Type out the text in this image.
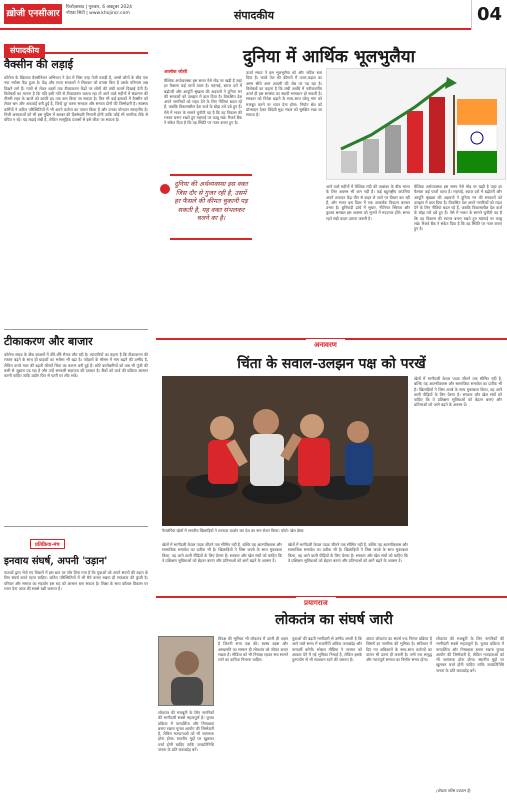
ख़ोजी एनसीआर
फ़िरोज़ाबाद | गुरुवार, 6 अक्टूबर 2024
नोएडा सिटी | www.khojincr.com	संपादकीय	04
संपादकीय
वैक्सीन की लड़ाई
कोरोना के खिलाफ वैक्सीनेशन अभियान ने देश में जिस तरह तेजी पकड़ी है, उससे लोगों के बीच एक नया भरोसा पैदा हुआ है। केंद्र और राज्य सरकारों ने मिलकर जो प्रयास किए हैं उसके परिणाम अब दिखने लगे हैं। गांवों से लेकर शहरों तक टीकाकरण केंद्रों पर लोगों की लंबी कतारें दिखाई देती हैं। विशेषज्ञों का मानना है कि यदि इसी गति से टीकाकरण चलता रहा तो आने वाले महीनों में संक्रमण की तीसरी लहर के खतरे को काफी हद तक कम किया जा सकता है। फिर भी कई इलाकों में वैक्सीन को लेकर भ्रम और अफवाहें बनी हुई हैं, जिन्हें दूर करना सरकार और समाज दोनों की जिम्मेदारी है। स्वास्थ्य कर्मियों ने कठिन परिस्थितियों में भी अपने कर्तव्य का पालन किया है और उनका योगदान सराहनीय है। निजी अस्पतालों को भी इस मुहिम में बराबर की हिस्सेदारी निभानी होगी ताकि कोई भी नागरिक टीके से वंचित न रहे। यह लड़ाई लंबी है, लेकिन सामूहिक प्रयासों से इसे जीता जा सकता है।
टीकाकरण और बाजार
कोरोना संकट के बीच बाजारों में धीरे-धीरे रौनक लौट रही है। व्यापारियों का कहना है कि टीकाकरण की रफ्तार बढ़ने के साथ ही ग्राहकों का भरोसा भी बढ़ा है। त्योहारों के मौसम में मांग बढ़ने की उम्मीद है, लेकिन कच्चे माल की बढ़ती कीमतें चिंता का कारण बनी हुई हैं। छोटे कारोबारियों को अब भी पूंजी की कमी से जूझना पड़ रहा है और उन्हें सरकारी सहायता की दरकार है। बैंकों को कर्ज की प्रक्रिया आसान करनी चाहिए ताकि उद्योग फिर से पटरी पर लौट सकें।
प्रतिक्रिया-मंच
इनवाय संघर्ष, अपनी 'उड़ान'
पाठकों द्वारा भेजे गए विचारों में इस बात पर जोर दिया गया है कि युवाओं को अपने सपनों की उड़ान के लिए संघर्ष करते रहना चाहिए। कठिन परिस्थितियों में भी धैर्य बनाए रखना ही सफलता की कुंजी है। परिवार और समाज का सहयोग इस राह को आसान बना सकता है। शिक्षा के साथ कौशल विकास पर ध्यान देना आज की सबसे बड़ी जरूरत है।
दुनिया में आर्थिक भूलभुलैया
आलोक जोशी
वैश्विक अर्थव्यवस्था इस समय ऐसे मोड़ पर खड़ी है जहां हर फैसला कई परतों वाला है। महंगाई, ब्याज दरों में बढ़ोतरी और आपूर्ति श्रृंखला की अड़चनों ने दुनिया भर की सरकारों को उलझन में डाल दिया है। विकसित देश अपने नागरिकों को राहत देने के लिए नीतियां बदल रहे हैं, जबकि विकासशील देश कर्ज के बोझ तले दबे हुए हैं। ऐसे में भारत के सामने चुनौती यह है कि वह विकास की रफ्तार बनाए रखते हुए महंगाई पर काबू रखे। रिजर्व बैंक ने संकेत दिया है कि वह स्थिति पर नजर बनाए हुए है।
ऊर्जा संकट ने इस भूलभुलैया को और जटिल बना दिया है। कच्चे तेल की कीमतों में उतार-चढ़ाव का असर सीधे आम आदमी की जेब पर पड़ रहा है। विशेषज्ञों का कहना है कि लंबी अवधि में नवीकरणीय ऊर्जा ही इस समस्या का स्थायी समाधान हो सकती है। सरकार को निवेश बढ़ाने के साथ-साथ घरेलू मांग को मजबूत करने पर ध्यान देना होगा। निर्यात क्षेत्र को प्रोत्साहन देकर विदेशी मुद्रा भंडार को सुरक्षित रखा जा सकता है।
दुनिया की अर्थव्यवस्था इस वक्त जिस दौर से गुजर रही है, उसमें हर फैसले की कीमत चुकानी पड़ सकती है, यह वक्त संभलकर चलने का है।
आने वाले महीनों में वैश्विक मंदी की आशंका के बीच भारत के लिए अवसर भी कम नहीं हैं। कई बहुराष्ट्रीय कंपनियां अपने उत्पादन केंद्र चीन से बाहर ले जाने पर विचार कर रही हैं, और भारत इस दिशा में एक आकर्षक विकल्प बनकर उभरा है। बुनियादी ढांचे में सुधार, नीतिगत स्थिरता और कुशल श्रमबल इस अवसर को भुनाने में मददगार होंगे। समय रहते सही कदम उठाना जरूरी है।
वैश्विक अर्थव्यवस्था इस समय ऐसे मोड़ पर खड़ी है जहां हर फैसला कई परतों वाला है। महंगाई, ब्याज दरों में बढ़ोतरी और आपूर्ति श्रृंखला की अड़चनों ने दुनिया भर की सरकारों को उलझन में डाल दिया है। विकसित देश अपने नागरिकों को राहत देने के लिए नीतियां बदल रहे हैं, जबकि विकासशील देश कर्ज के बोझ तले दबे हुए हैं। ऐसे में भारत के सामने चुनौती यह है कि वह विकास की रफ्तार बनाए रखते हुए महंगाई पर काबू रखे। रिजर्व बैंक ने संकेत दिया है कि वह स्थिति पर नजर बनाए हुए है।
अनावरण
चिंता के सवाल-उलझन पक्ष को परखें
पैरालंपिक खेलों में भारतीय खिलाड़ियों ने शानदार प्रदर्शन कर देश का नाम रोशन किया। फोटो: खेल डेस्क
खेलों में भागीदारी केवल पदक जीतने तक सीमित नहीं है, बल्कि यह आत्मविश्वास और सामाजिक समावेश का प्रतीक भी है। खिलाड़ियों ने जिस जज्बे के साथ मुकाबला किया, वह आने वाली पीढ़ियों के लिए प्रेरणा है। सरकार और खेल संघों को चाहिए कि वे प्रशिक्षण सुविधाओं को बेहतर बनाएं और प्रतिभाओं को आगे बढ़ने के अवसर दें।
खेलों में भागीदारी केवल पदक जीतने तक सीमित नहीं है, बल्कि यह आत्मविश्वास और सामाजिक समावेश का प्रतीक भी है। खिलाड़ियों ने जिस जज्बे के साथ मुकाबला किया, वह आने वाली पीढ़ियों के लिए प्रेरणा है। सरकार और खेल संघों को चाहिए कि वे प्रशिक्षण सुविधाओं को बेहतर बनाएं और प्रतिभाओं को आगे बढ़ने के अवसर दें।
खेलों में भागीदारी केवल पदक जीतने तक सीमित नहीं है, बल्कि यह आत्मविश्वास और सामाजिक समावेश का प्रतीक भी है। खिलाड़ियों ने जिस जज्बे के साथ मुकाबला किया, वह आने वाली पीढ़ियों के लिए प्रेरणा है। सरकार और खेल संघों को चाहिए कि वे प्रशिक्षण सुविधाओं को बेहतर बनाएं और प्रतिभाओं को आगे बढ़ने के अवसर दें।
प्रयागराज
लोकतंत्र का संघर्ष जारी
लोकतंत्र की मजबूती के लिए नागरिकों की भागीदारी सबसे महत्वपूर्ण है। चुनाव प्रक्रिया में पारदर्शिता और निष्पक्षता बनाए रखना चुनाव आयोग की जिम्मेदारी है, लेकिन मतदाताओं को भी जागरूक होना होगा। स्थानीय मुद्दों पर खुलकर चर्चा होनी चाहिए ताकि जनप्रतिनिधि जनता के प्रति जवाबदेह बनें।
विपक्ष की भूमिका भी लोकतंत्र में उतनी ही अहम है जितनी सत्ता पक्ष की। स्वस्थ बहस और असहमति का सम्मान ही लोकतंत्र को जीवंत बनाए रखता है। मीडिया को भी निष्पक्ष रहकर सच सामने लाने का दायित्व निभाना चाहिए।
युवाओं की बढ़ती भागीदारी से उम्मीद जगती है कि आने वाले समय में राजनीति अधिक जवाबदेह और पारदर्शी बनेगी। सोशल मीडिया ने जनमत को आकार देने में नई भूमिका निभाई है, लेकिन इसके दुरुपयोग से भी सावधान रहने की जरूरत है।
अंततः लोकतंत्र का संघर्ष एक निरंतर प्रक्रिया है जिसमें हर नागरिक की भूमिका है। संविधान में दिए गए अधिकारों के साथ-साथ कर्तव्यों का पालन भी उतना ही जरूरी है। तभी एक समृद्ध और न्यायपूर्ण समाज का निर्माण संभव होगा।
लोकतंत्र की मजबूती के लिए नागरिकों की भागीदारी सबसे महत्वपूर्ण है। चुनाव प्रक्रिया में पारदर्शिता और निष्पक्षता बनाए रखना चुनाव आयोग की जिम्मेदारी है, लेकिन मतदाताओं को भी जागरूक होना होगा। स्थानीय मुद्दों पर खुलकर चर्चा होनी चाहिए ताकि जनप्रतिनिधि जनता के प्रति जवाबदेह बनें।
(लेखक वरिष्ठ पत्रकार हैं)
